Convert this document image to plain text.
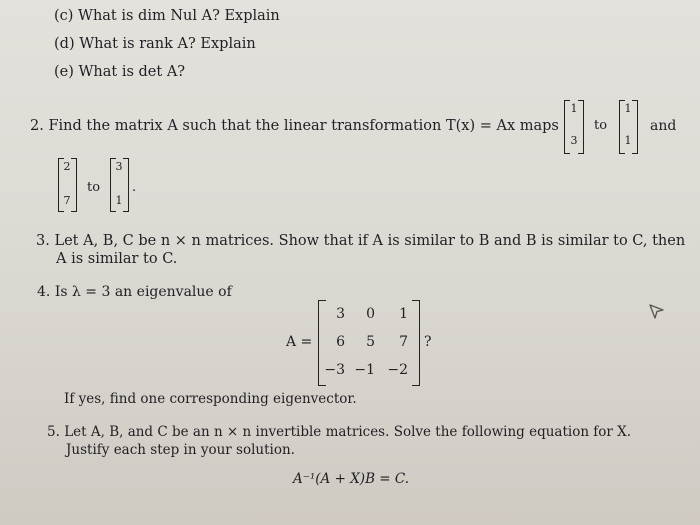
(c) What is dim Nul A? Explain
(d) What is rank A? Explain
(e) What is det A?
2. Find the matrix A such that the linear transformation T(x) = Ax maps
1
3
to
1
1
and
2
7
to
3
1
.
3. Let A, B, C be n × n matrices. Show that if A is similar to B and B is similar to C, then
A is similar to C.
4. Is λ = 3 an eigenvalue of
A =
3	0	1
6	5	7
−3 −1 −2
?
If yes, find one corresponding eigenvector.
5. Let A, B, and C be an n × n invertible matrices. Solve the following equation for X.
Justify each step in your solution.
A⁻¹(A + X)B = C.
